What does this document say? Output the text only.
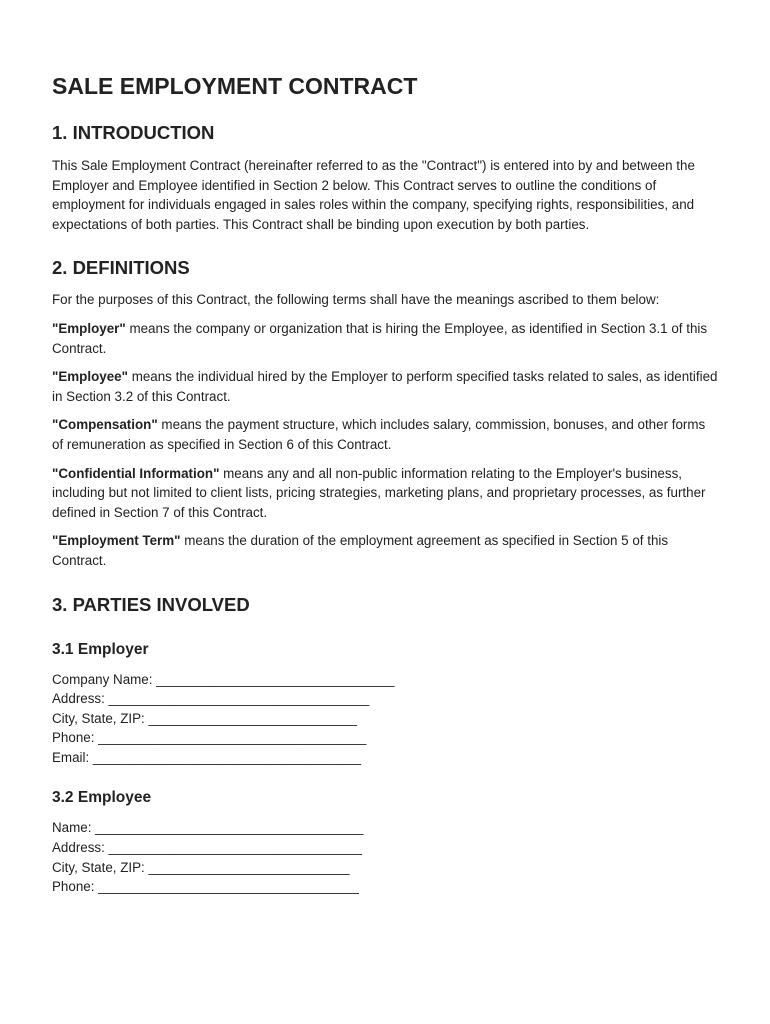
SALE EMPLOYMENT CONTRACT
1. INTRODUCTION

This Sale Employment Contract (hereinafter referred to as the "Contract") is entered into by and between the Employer and Employee identified in Section 2 below. This Contract serves to outline the conditions of employment for individuals engaged in sales roles within the company, specifying rights, responsibilities, and expectations of both parties. This Contract shall be binding upon execution by both parties.

2. DEFINITIONS

For the purposes of this Contract, the following terms shall have the meanings ascribed to them below:

"Employer" means the company or organization that is hiring the Employee, as identified in Section 3.1 of this Contract.

"Employee" means the individual hired by the Employer to perform specified tasks related to sales, as identified in Section 3.2 of this Contract.

"Compensation" means the payment structure, which includes salary, commission, bonuses, and other forms of remuneration as specified in Section 6 of this Contract.

"Confidential Information" means any and all non-public information relating to the Employer's business, including but not limited to client lists, pricing strategies, marketing plans, and proprietary processes, as further defined in Section 7 of this Contract.

"Employment Term" means the duration of the employment agreement as specified in Section 5 of this Contract.

3. PARTIES INVOLVED
3.1 Employer
Company Name: ________________________________
Address: ___________________________________
City, State, ZIP: ____________________________
Phone: ____________________________________
Email: ____________________________________
3.2 Employee
Name: ____________________________________
Address: __________________________________
City, State, ZIP: ___________________________
Phone: ___________________________________
